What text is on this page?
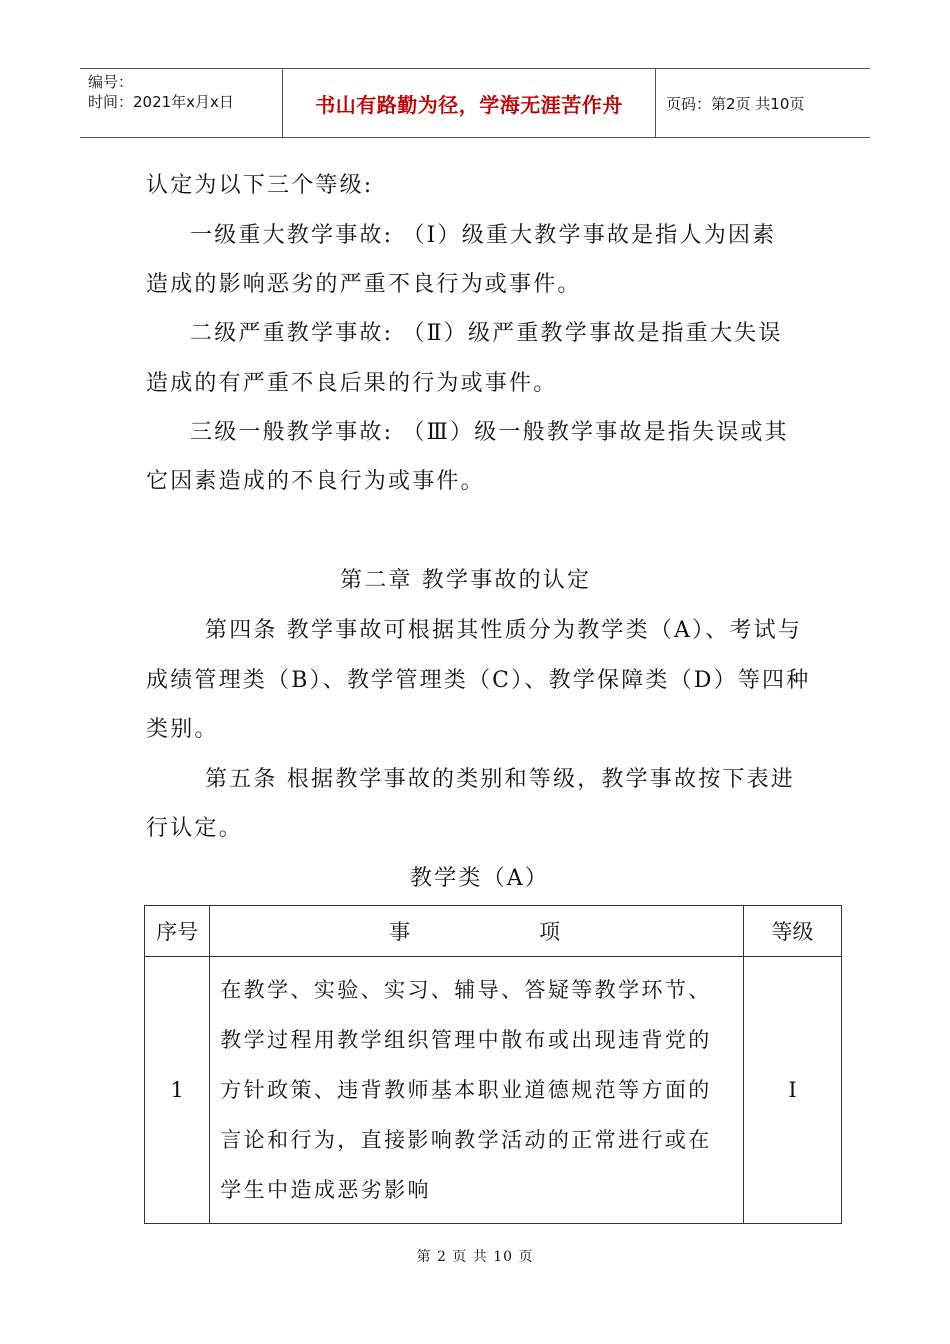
编号：
时间：2021年x月x日	书山有路勤为径，学海无涯苦作舟	页码：第2页 共10页
认定为以下三个等级:
一级重大教学事故: （Ⅰ）级重大教学事故是指人为因素
造成的影响恶劣的严重不良行为或事件。
二级严重教学事故: （Ⅱ）级严重教学事故是指重大失误
造成的有严重不良后果的行为或事件。
三级一般教学事故: （Ⅲ）级一般教学事故是指失误或其
它因素造成的不良行为或事件。
第二章 教学事故的认定
第四条 教学事故可根据其性质分为教学类（A）、考试与
成绩管理类（B）、教学管理类（C）、教学保障类（D）等四种
类别。
第五条 根据教学事故的类别和等级，教学事故按下表进
行认定。
教学类（A）
序号	事　　　　　项	等级
1	在教学、实验、实习、辅导、答疑等教学环节、教学过程用教学组织管理中散布或出现违背党的方针政策、违背教师基本职业道德规范等方面的言论和行为，直接影响教学活动的正常进行或在学生中造成恶劣影响	Ⅰ
第 2 页 共 10 页
